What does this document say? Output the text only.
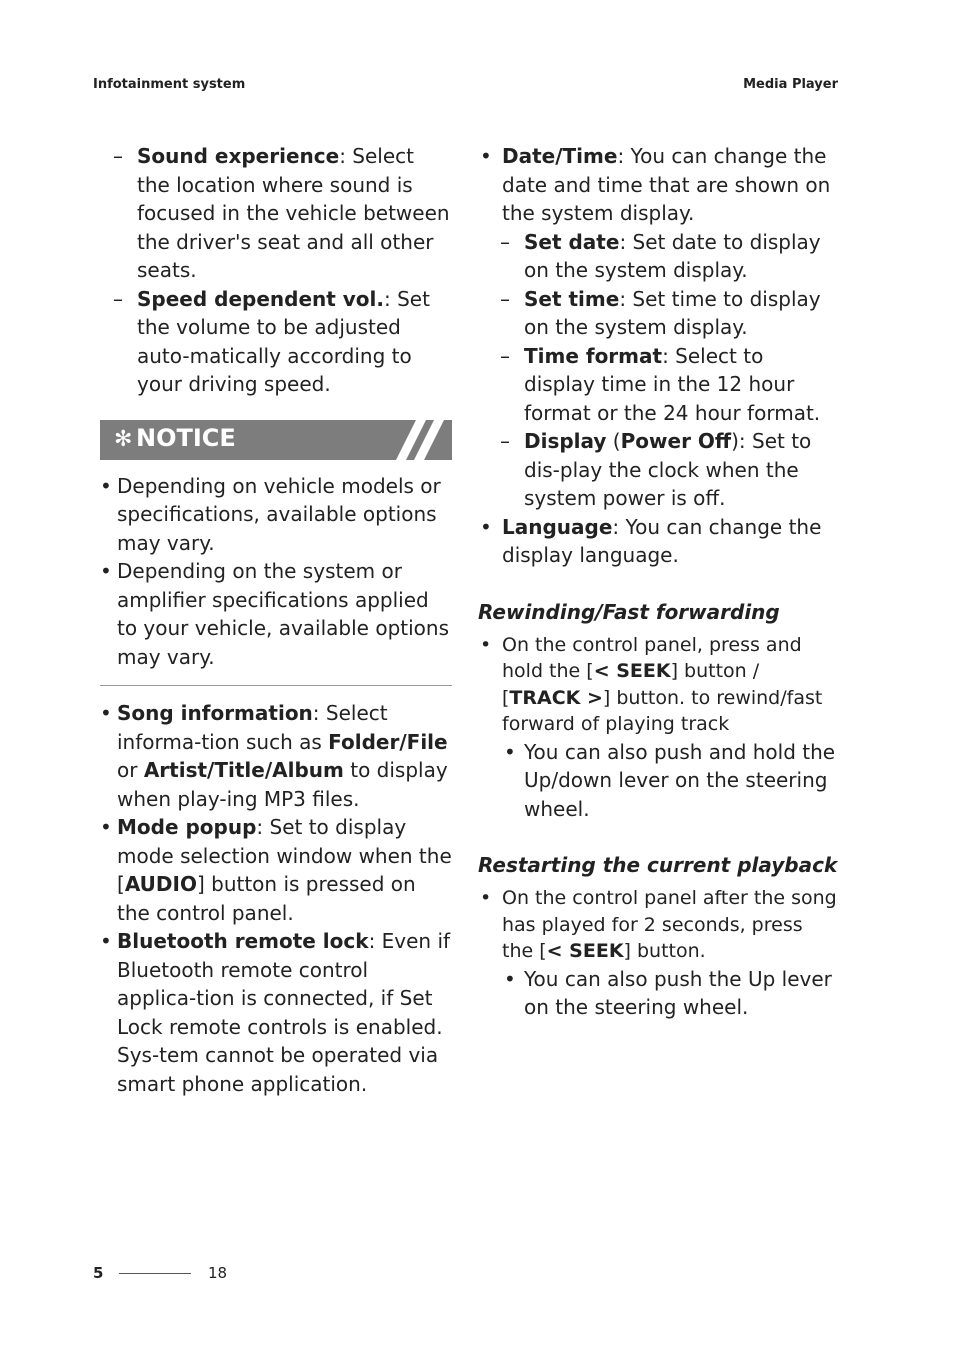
Infotainment system	Media Player

– Sound experience: Select the location where sound is focused in the vehicle between the driver's seat and all other seats.

– Speed dependent vol.: Set the volume to be adjusted auto-matically according to your driving speed.

✻ NOTICE

• Depending on vehicle models or specifications, available options may vary.

• Depending on the system or amplifier specifications applied to your vehicle, available options may vary.

• Song information: Select informa-tion such as Folder/File or Artist/Title/Album to display when play-ing MP3 files.

• Mode popup: Set to display mode selection window when the [AUDIO] button is pressed on the control panel.

• Bluetooth remote lock: Even if Bluetooth remote control applica-tion is connected, if Set Lock remote controls is enabled. Sys-tem cannot be operated via smart phone application.

• Date/Time: You can change the date and time that are shown on the system display.

– Set date: Set date to display on the system display.

– Set time: Set time to display on the system display.

– Time format: Select to display time in the 12 hour format or the 24 hour format.

– Display (Power Off): Set to dis-play the clock when the system power is off.

• Language: You can change the display language.

Rewinding/Fast forwarding

• On the control panel, press and hold the [< SEEK] button / [TRACK >] button. to rewind/fast forward of playing track

• You can also push and hold the Up/down lever on the steering wheel.

Restarting the current playback

• On the control panel after the song has played for 2 seconds, press the [< SEEK] button.

• You can also push the Up lever on the steering wheel.

5	18
